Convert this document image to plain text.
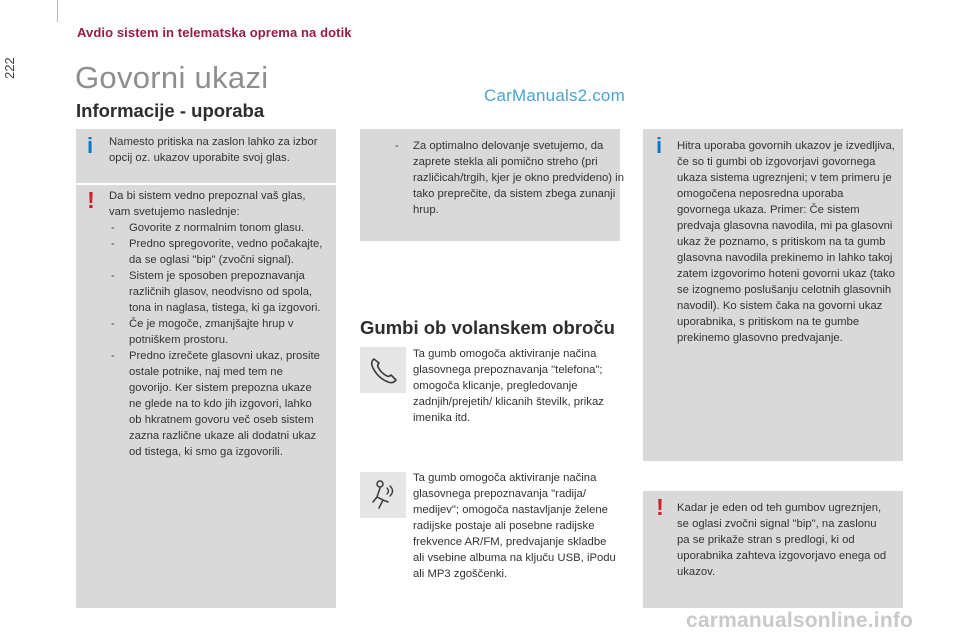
222
Avdio sistem in telematska oprema na dotik
Govorni ukazi
Informacije - uporaba
CarManuals2.com
i	Namesto pritiska na zaslon lahko za izbor opcij oz. ukazov uporabite svoj glas.
!	Da bi sistem vedno prepoznal vaš glas, vam svetujemo naslednje:
- Govorite z normalnim tonom glasu.
- Predno spregovorite, vedno počakajte, da se oglasi "bip" (zvočni signal).
- Sistem je sposoben prepoznavanja različnih glasov, neodvisno od spola, tona in naglasa, tistega, ki ga izgovori.
- Če je mogoče, zmanjšajte hrup v potniškem prostoru.
- Predno izrečete glasovni ukaz, prosite ostale potnike, naj med tem ne govorijo. Ker sistem prepozna ukaze ne glede na to kdo jih izgovori, lahko ob hkratnem govoru več oseb sistem zazna različne ukaze ali dodatni ukaz od tistega, ki smo ga izgovorili.
- Za optimalno delovanje svetujemo, da zaprete stekla ali pomično streho (pri različicah/trgih, kjer je okno predvideno) in tako preprečite, da sistem zbega zunanji hrup.
Gumbi ob volanskem obroču
Ta gumb omogoča aktiviranje načina glasovnega prepoznavanja "telefona"; omogoča klicanje, pregledovanje zadnjih/prejetih/ klicanih številk, prikaz imenika itd.
Ta gumb omogoča aktiviranje načina glasovnega prepoznavanja "radija/ medijev"; omogoča nastavljanje želene radijske postaje ali posebne radijske frekvence AR/FM, predvajanje skladbe ali vsebine albuma na ključu USB, iPodu ali MP3 zgoščenki.
i	Hitra uporaba govornih ukazov je izvedljiva, če so ti gumbi ob izgovorjavi govornega ukaza sistema ugreznjeni; v tem primeru je omogočena neposredna uporaba govornega ukaza. Primer: Če sistem predvaja glasovna navodila, mi pa glasovni ukaz že poznamo, s pritiskom na ta gumb glasovna navodila prekinemo in lahko takoj zatem izgovorimo hoteni govorni ukaz (tako se izognemo poslušanju celotnih glasovnih navodil). Ko sistem čaka na govorni ukaz uporabnika, s pritiskom na te gumbe prekinemo glasovno predvajanje.
!	Kadar je eden od teh gumbov ugreznjen, se oglasi zvočni signal "bip", na zaslonu pa se prikaže stran s predlogi, ki od uporabnika zahteva izgovorjavo enega od ukazov.
carmanualsonline.info
